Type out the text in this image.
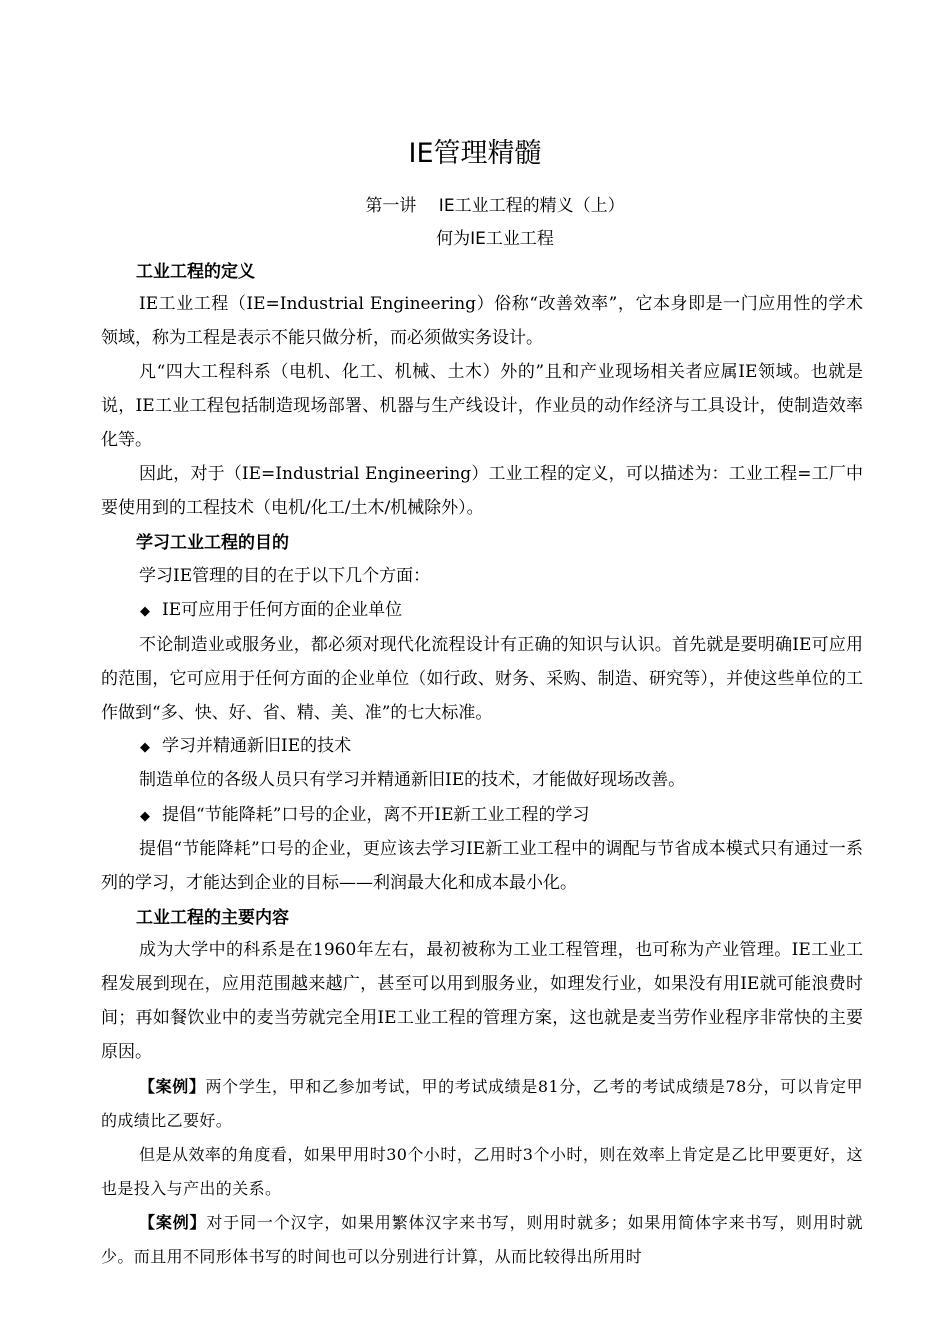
IE管理精髓
第一讲　 IE工业工程的精义（上）
何为IE工业工程
工业工程的定义

IE工业工程（IE=Industrial Engineering）俗称“改善效率”，它本身即是一门应用性的学术领域，称为工程是表示不能只做分析，而必须做实务设计。

凡“四大工程科系（电机、化工、机械、土木）外的”且和产业现场相关者应属IE领域。也就是说，IE工业工程包括制造现场部署、机器与生产线设计，作业员的动作经济与工具设计，使制造效率化等。

因此，对于（IE=Industrial Engineering）工业工程的定义，可以描述为：工业工程=工厂中要使用到的工程技术（电机/化工/土木/机械除外）。

学习工业工程的目的

学习IE管理的目的在于以下几个方面：

◆ IE可应用于任何方面的企业单位

不论制造业或服务业，都必须对现代化流程设计有正确的知识与认识。首先就是要明确IE可应用的范围，它可应用于任何方面的企业单位（如行政、财务、采购、制造、研究等），并使这些单位的工作做到“多、快、好、省、精、美、准”的七大标准。

◆ 学习并精通新旧IE的技术

制造单位的各级人员只有学习并精通新旧IE的技术，才能做好现场改善。

◆ 提倡“节能降耗”口号的企业，离不开IE新工业工程的学习

提倡“节能降耗”口号的企业，更应该去学习IE新工业工程中的调配与节省成本模式只有通过一系列的学习，才能达到企业的目标——利润最大化和成本最小化。

工业工程的主要内容

成为大学中的科系是在1960年左右，最初被称为工业工程管理，也可称为产业管理。IE工业工程发展到现在，应用范围越来越广，甚至可以用到服务业，如理发行业，如果没有用IE就可能浪费时间；再如餐饮业中的麦当劳就完全用IE工业工程的管理方案，这也就是麦当劳作业程序非常快的主要原因。

【案例】两个学生，甲和乙参加考试，甲的考试成绩是81分，乙考的考试成绩是78分，可以肯定甲的成绩比乙要好。

但是从效率的角度看，如果甲用时30个小时，乙用时3个小时，则在效率上肯定是乙比甲要更好，这也是投入与产出的关系。

【案例】对于同一个汉字，如果用繁体汉字来书写，则用时就多；如果用简体字来书写，则用时就少。而且用不同形体书写的时间也可以分别进行计算，从而比较得出所用时
